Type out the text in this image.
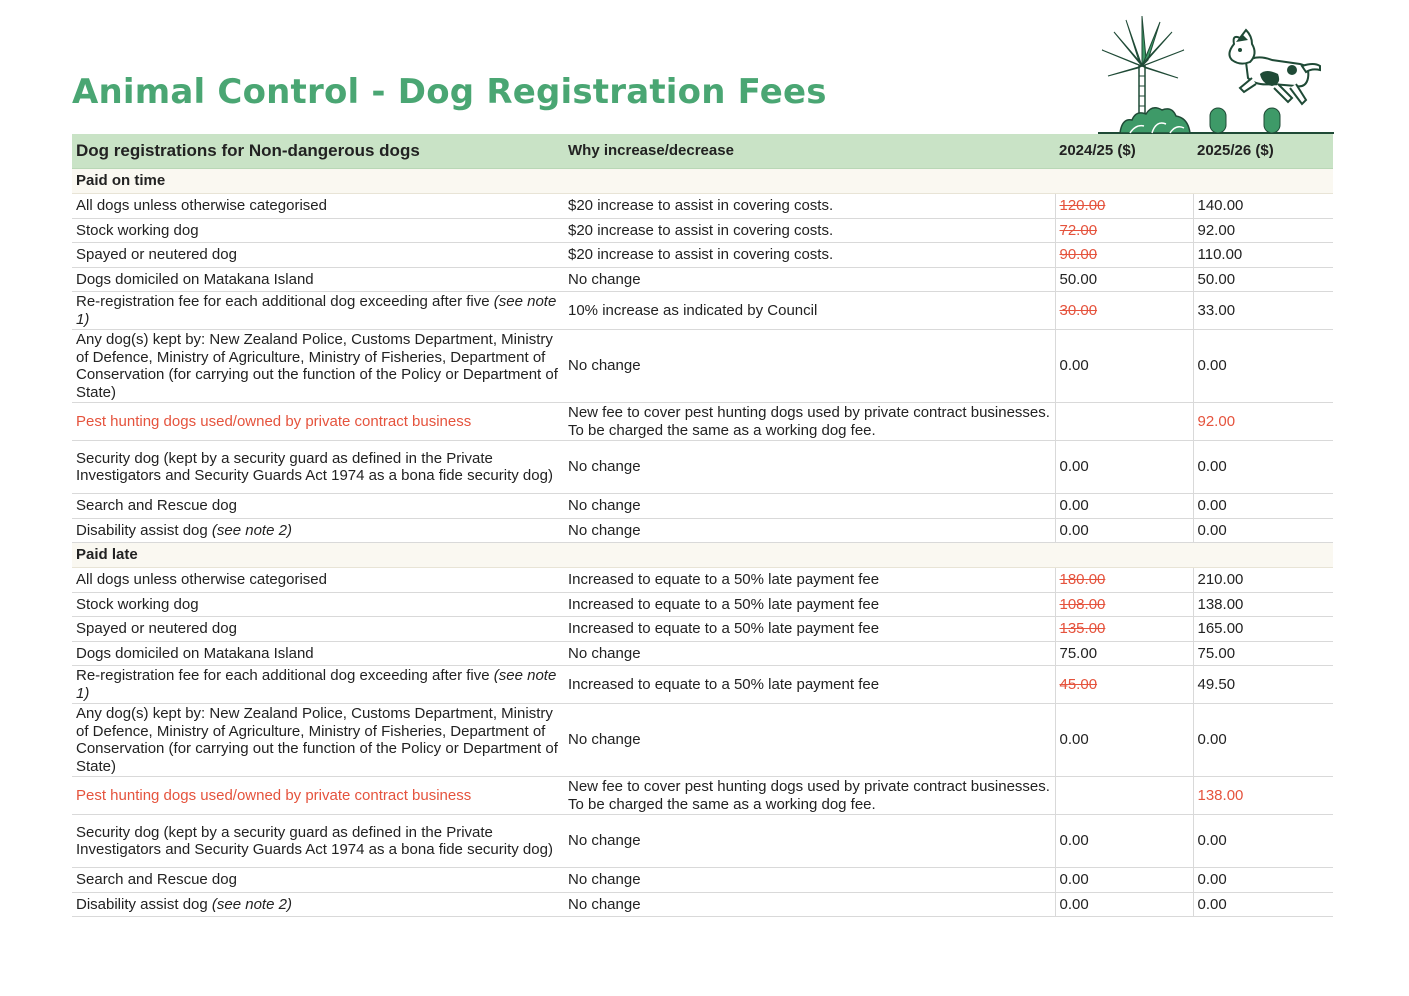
Animal Control - Dog Registration Fees
Dog registrations for Non-dangerous dogs	Why increase/decrease	2024/25 ($)	2025/26 ($)
Paid on time			
All dogs unless otherwise categorised	$20 increase to assist in covering costs.	120.00	140.00
Stock working dog	$20 increase to assist in covering costs.	72.00	92.00
Spayed or neutered dog	$20 increase to assist in covering costs.	90.00	110.00
Dogs domiciled on Matakana Island	No change	50.00	50.00
Re-registration fee for each additional dog exceeding after five (see note 1)	10% increase as indicated by Council	30.00	33.00
Any dog(s) kept by: New Zealand Police, Customs Department, Ministry of Defence, Ministry of Agriculture, Ministry of Fisheries, Department of Conservation (for carrying out the function of the Policy or Department of State)	No change	0.00	0.00
Pest hunting dogs used/owned by private contract business	New fee to cover pest hunting dogs used by private contract businesses. To be charged the same as a working dog fee.		92.00
Security dog (kept by a security guard as defined in the Private Investigators and Security Guards Act 1974 as a bona fide security dog)	No change	0.00	0.00
Search and Rescue dog	No change	0.00	0.00
Disability assist dog (see note 2)	No change	0.00	0.00
Paid late			
All dogs unless otherwise categorised	Increased to equate to a 50% late payment fee	180.00	210.00
Stock working dog	Increased to equate to a 50% late payment fee	108.00	138.00
Spayed or neutered dog	Increased to equate to a 50% late payment fee	135.00	165.00
Dogs domiciled on Matakana Island	No change	75.00	75.00
Re-registration fee for each additional dog exceeding after five (see note 1)	Increased to equate to a 50% late payment fee	45.00	49.50
Any dog(s) kept by: New Zealand Police, Customs Department, Ministry of Defence, Ministry of Agriculture, Ministry of Fisheries, Department of Conservation (for carrying out the function of the Policy or Department of State)	No change	0.00	0.00
Pest hunting dogs used/owned by private contract business	New fee to cover pest hunting dogs used by private contract businesses. To be charged the same as a working dog fee.		138.00
Security dog (kept by a security guard as defined in the Private Investigators and Security Guards Act 1974 as a bona fide security dog)	No change	0.00	0.00
Search and Rescue dog	No change	0.00	0.00
Disability assist dog (see note 2)	No change	0.00	0.00
